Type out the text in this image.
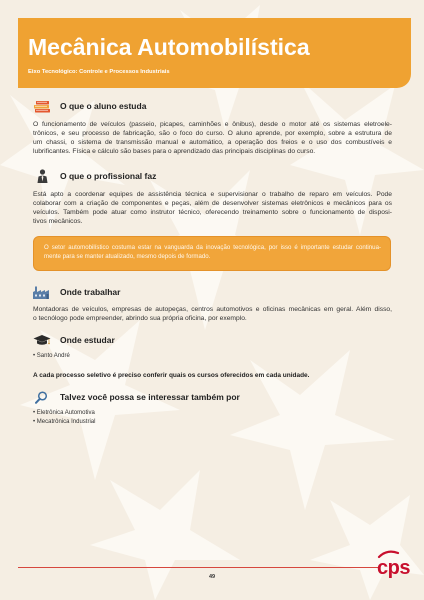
Mecânica Automobilística
Eixo Tecnológico: Controle e Processos Industriais
O que o aluno estuda
O funcionamento de veículos (passeio, picapes, caminhões e ônibus), desde o motor até os sistemas eletroele-
trônicos, e seu processo de fabricação, são o foco do curso. O aluno aprende, por exemplo, sobre a estrutura de
um chassi, o sistema de transmissão manual e automático, a operação dos freios e o uso dos combustíveis e
lubrificantes. Física e cálculo são bases para o aprendizado das principais disciplinas do curso.
O que o profissional faz
Está apto a coordenar equipes de assistência técnica e supervisionar o trabalho de reparo em veículos. Pode
colaborar com a criação de componentes e peças, além de desenvolver sistemas eletrônicos e mecânicos para os
veículos. Também pode atuar como instrutor técnico, oferecendo treinamento sobre o funcionamento de disposi-
tivos mecânicos.
O setor automobilístico costuma estar na vanguarda da inovação tecnológica, por isso é importante estudar continua-
mente para se manter atualizado, mesmo depois de formado.
Onde trabalhar
Montadoras de veículos, empresas de autopeças, centros automotivos e oficinas mecânicas em geral. Além disso,
o tecnólogo pode empreender, abrindo sua própria oficina, por exemplo.
Onde estudar
• Santo André
A cada processo seletivo é preciso conferir quais os cursos oferecidos em cada unidade.
Talvez você possa se interessar também por
• Eletrônica Automotiva
• Mecatrônica Industrial
49	cps
